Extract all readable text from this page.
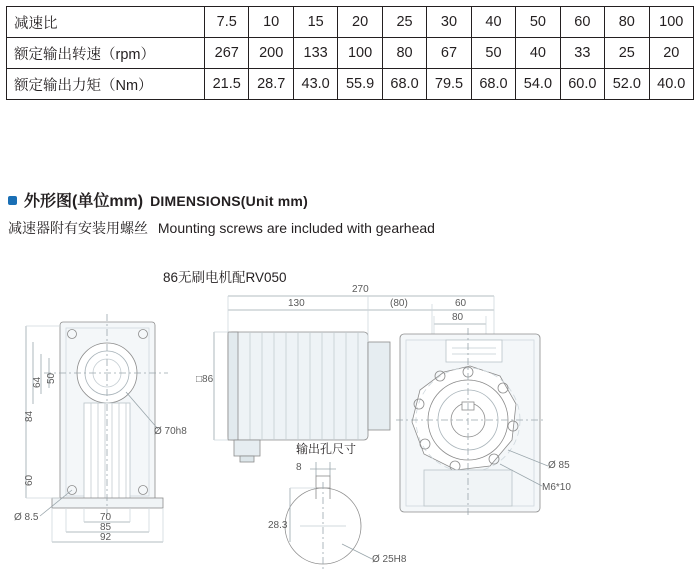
减速比	7.5	10	15	20	25	30	40	50	60	80	100
额定输出转速（rpm）	267	200	133	100	80	67	50	40	33	25	20
额定输出力矩（Nm）	21.5	28.7	43.0	55.9	68.0	79.5	68.0	54.0	60.0	52.0	40.0
外形图(单位mm) DIMENSIONS(Unit mm)
减速器附有安装用螺丝 Mounting screws are included with gearhead
86无刷电机配RV050
270
130	(80)	60
80
□86
84
64 50
60
70
85
92
Ø 8.5
Ø 70h8
输出孔尺寸
8
28.3
Ø 25H8
Ø 85
M6*10
